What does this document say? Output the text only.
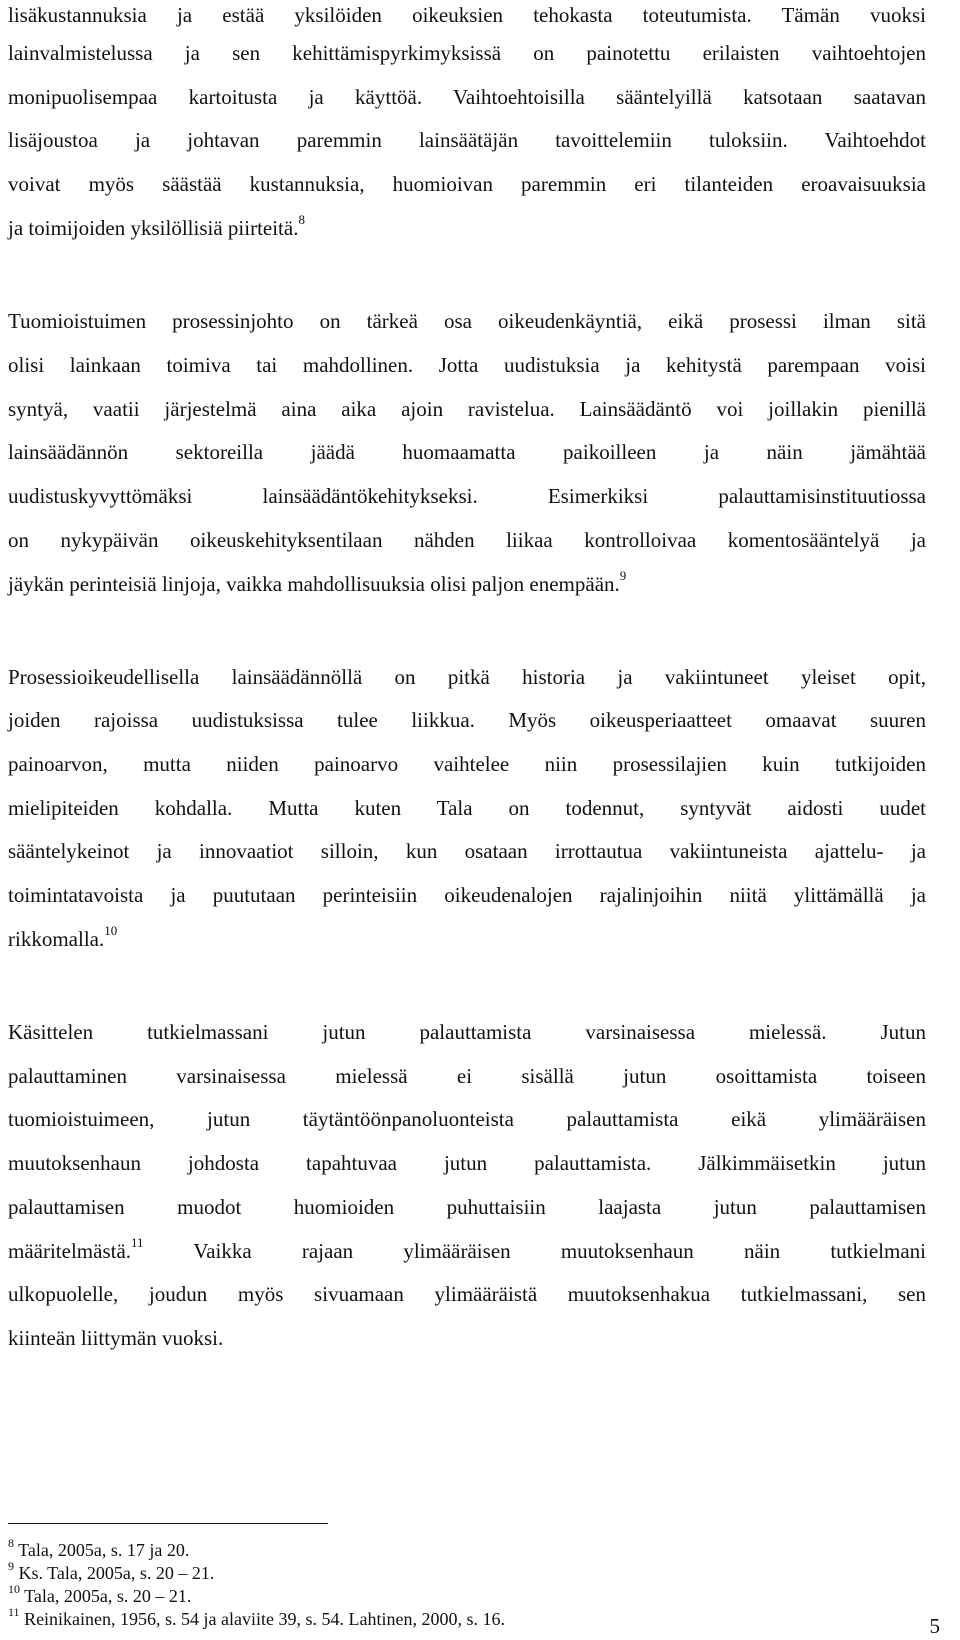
lisäkustannuksia ja estää yksilöiden oikeuksien tehokasta toteutumista. Tämän vuoksi
lainvalmistelussa ja sen kehittämispyrkimyksissä on painotettu erilaisten vaihtoehtojen
monipuolisempaa kartoitusta ja käyttöä. Vaihtoehtoisilla sääntelyillä katsotaan saatavan
lisäjoustoa ja johtavan paremmin lainsäätäjän tavoittelemiin tuloksiin. Vaihtoehdot
voivat myös säästää kustannuksia, huomioivan paremmin eri tilanteiden eroavaisuuksia
ja toimijoiden yksilöllisiä piirteitä.$^8$
Tuomioistuimen prosessinjohto on tärkeä osa oikeudenkäyntiä, eikä prosessi ilman sitä
olisi lainkaan toimiva tai mahdollinen. Jotta uudistuksia ja kehitystä parempaan voisi
syntyä, vaatii järjestelmä aina aika ajoin ravistelua. Lainsäädäntö voi joillakin pienillä
lainsäädännön sektoreilla jäädä huomaamatta paikoilleen ja näin jämähtää
uudistuskyvyttömäksi lainsäädäntökehitykseksi. Esimerkiksi palauttamisinstituutiossa
on nykypäivän oikeuskehityksentilaan nähden liikaa kontrolloivaa komentosääntelyä ja
jäykän perinteisiä linjoja, vaikka mahdollisuuksia olisi paljon enempään.$^9$
Prosessioikeudellisella lainsäädännöllä on pitkä historia ja vakiintuneet yleiset opit,
joiden rajoissa uudistuksissa tulee liikkua. Myös oikeusperiaatteet omaavat suuren
painoarvon, mutta niiden painoarvo vaihtelee niin prosessilajien kuin tutkijoiden
mielipiteiden kohdalla. Mutta kuten Tala on todennut, syntyvät aidosti uudet
sääntelykeinot ja innovaatiot silloin, kun osataan irrottautua vakiintuneista ajattelu- ja
toimintatavoista ja puututaan perinteisiin oikeudenalojen rajalinjoihin niitä ylittämällä ja
rikkomalla.$^{10}$
Käsittelen tutkielmassani jutun palauttamista varsinaisessa mielessä. Jutun
palauttaminen varsinaisessa mielessä ei sisällä jutun osoittamista toiseen
tuomioistuimeen, jutun täytäntöönpanoluonteista palauttamista eikä ylimääräisen
muutoksenhaun johdosta tapahtuvaa jutun palauttamista. Jälkimmäisetkin jutun
palauttamisen muodot huomioiden puhuttaisiin laajasta jutun palauttamisen
määritelmästä.$^{11}$ Vaikka rajaan ylimääräisen muutoksenhaun näin tutkielmani
ulkopuolelle, joudun myös sivuamaan ylimääräistä muutoksenhakua tutkielmassani, sen
kiinteän liittymän vuoksi.
$^8$ Tala, 2005a, s. 17 ja 20.
$^9$ Ks. Tala, 2005a, s. 20 – 21.
$^{10}$ Tala, 2005a, s. 20 – 21.
$^{11}$ Reinikainen, 1956, s. 54 ja alaviite 39, s. 54. Lahtinen, 2000, s. 16.	5
